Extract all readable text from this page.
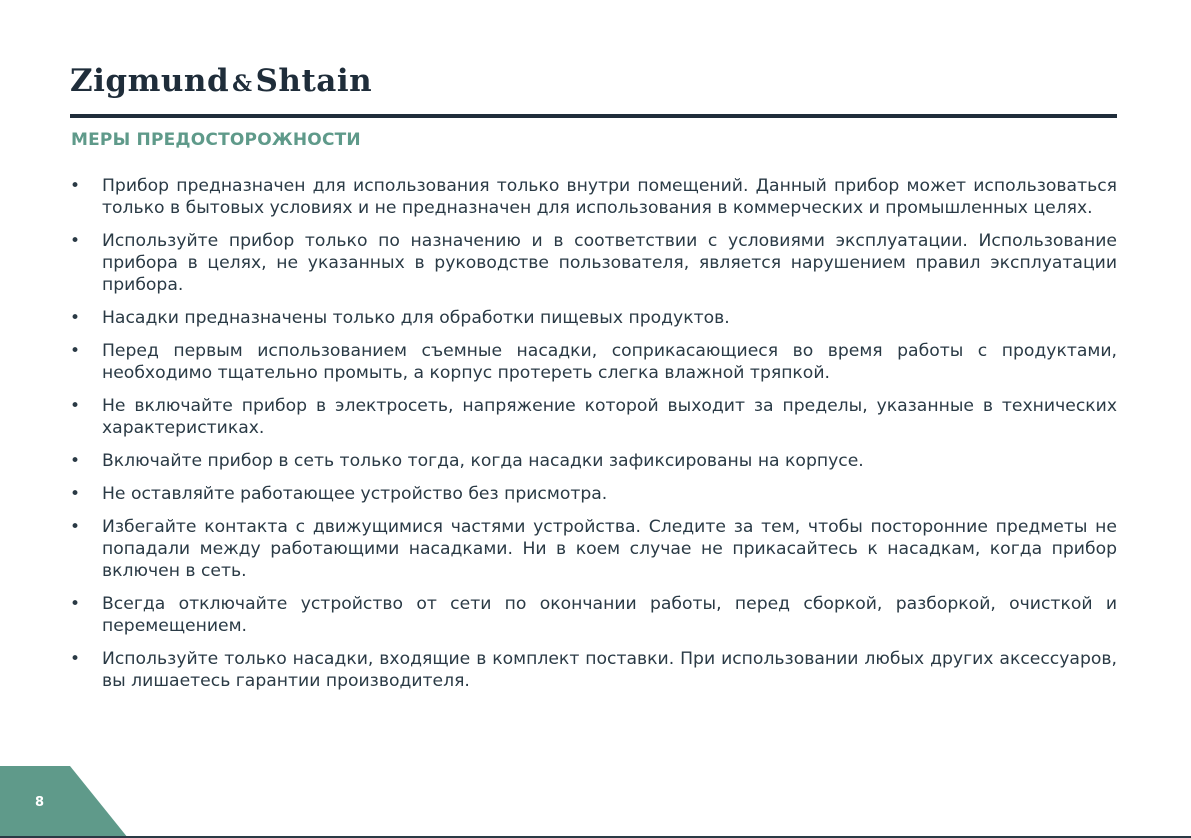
Zigmund &Shtain
МЕРЫ ПРЕДОСТОРОЖНОСТИ
• Прибор предназначен для использования только внутри помещений. Данный прибор может использоваться только в бытовых условиях и не предназначен для использования в коммерческих и промышленных целях.
• Используйте прибор только по назначению и в соответствии с условиями эксплуатации. Использование прибора в целях, не указанных в руководстве пользователя, является нарушением правил эксплуатации прибора.
• Насадки предназначены только для обработки пищевых продуктов.
• Перед первым использованием съемные насадки, соприкасающиеся во время работы с продуктами, необходимо тщательно промыть, а корпус протереть слегка влажной тряпкой.
• Не включайте прибор в электросеть, напряжение которой выходит за пределы, указанные в технических характеристиках.
• Включайте прибор в сеть только тогда, когда насадки зафиксированы на корпусе.
• Не оставляйте работающее устройство без присмотра.
• Избегайте контакта с движущимися частями устройства. Следите за тем, чтобы посторонние предметы не попадали между работающими насадками. Ни в коем случае не прикасайтесь к насадкам, когда прибор включен в сеть.
• Всегда отключайте устройство от сети по окончании работы, перед сборкой, разборкой, очисткой и перемещением.
• Используйте только насадки, входящие в комплект поставки. При использовании любых других аксессуаров, вы лишаетесь гарантии производителя.
8
